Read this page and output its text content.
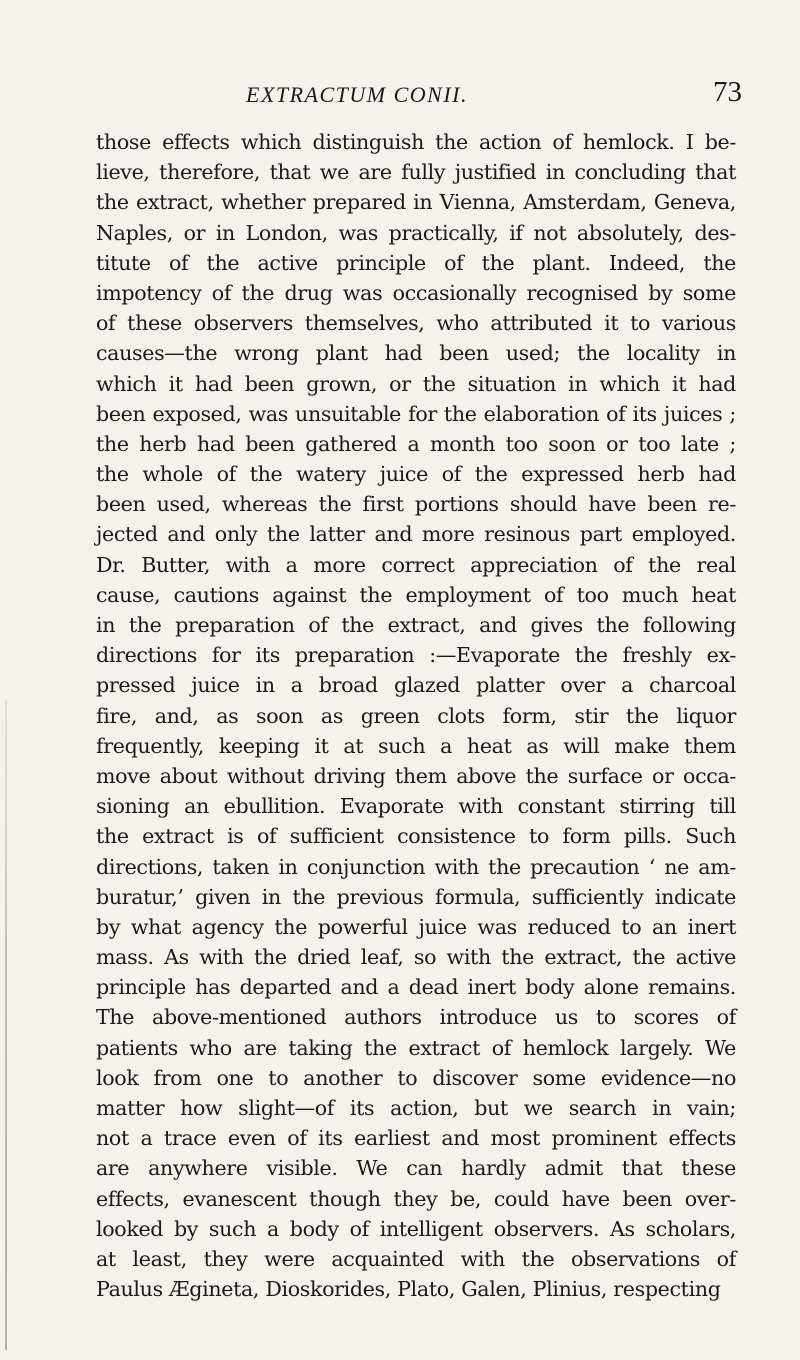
EXTRACTUM CONII.	73
those effects which distinguish the action of hemlock. I be-
lieve, therefore, that we are fully justified in concluding that
the extract, whether prepared in Vienna, Amsterdam, Geneva,
Naples, or in London, was practically, if not absolutely, des-
titute of the active principle of the plant. Indeed, the
impotency of the drug was occasionally recognised by some
of these observers themselves, who attributed it to various
causes—the wrong plant had been used; the locality in
which it had been grown, or the situation in which it had
been exposed, was unsuitable for the elaboration of its juices ;
the herb had been gathered a month too soon or too late ;
the whole of the watery juice of the expressed herb had
been used, whereas the first portions should have been re-
jected and only the latter and more resinous part employed.
Dr. Butter, with a more correct appreciation of the real
cause, cautions against the employment of too much heat
in the preparation of the extract, and gives the following
directions for its preparation :—Evaporate the freshly ex-
pressed juice in a broad glazed platter over a charcoal
fire, and, as soon as green clots form, stir the liquor
frequently, keeping it at such a heat as will make them
move about without driving them above the surface or occa-
sioning an ebullition. Evaporate with constant stirring till
the extract is of sufficient consistence to form pills. Such
directions, taken in conjunction with the precaution ‘ ne am-
buratur,’ given in the previous formula, sufficiently indicate
by what agency the powerful juice was reduced to an inert
mass. As with the dried leaf, so with the extract, the active
principle has departed and a dead inert body alone remains.
The above-mentioned authors introduce us to scores of
patients who are taking the extract of hemlock largely. We
look from one to another to discover some evidence—no
matter how slight—of its action, but we search in vain;
not a trace even of its earliest and most prominent effects
are anywhere visible. We can hardly admit that these
effects, evanescent though they be, could have been over-
looked by such a body of intelligent observers. As scholars,
at least, they were acquainted with the observations of
Paulus Ægineta, Dioskorides, Plato, Galen, Plinius, respecting
